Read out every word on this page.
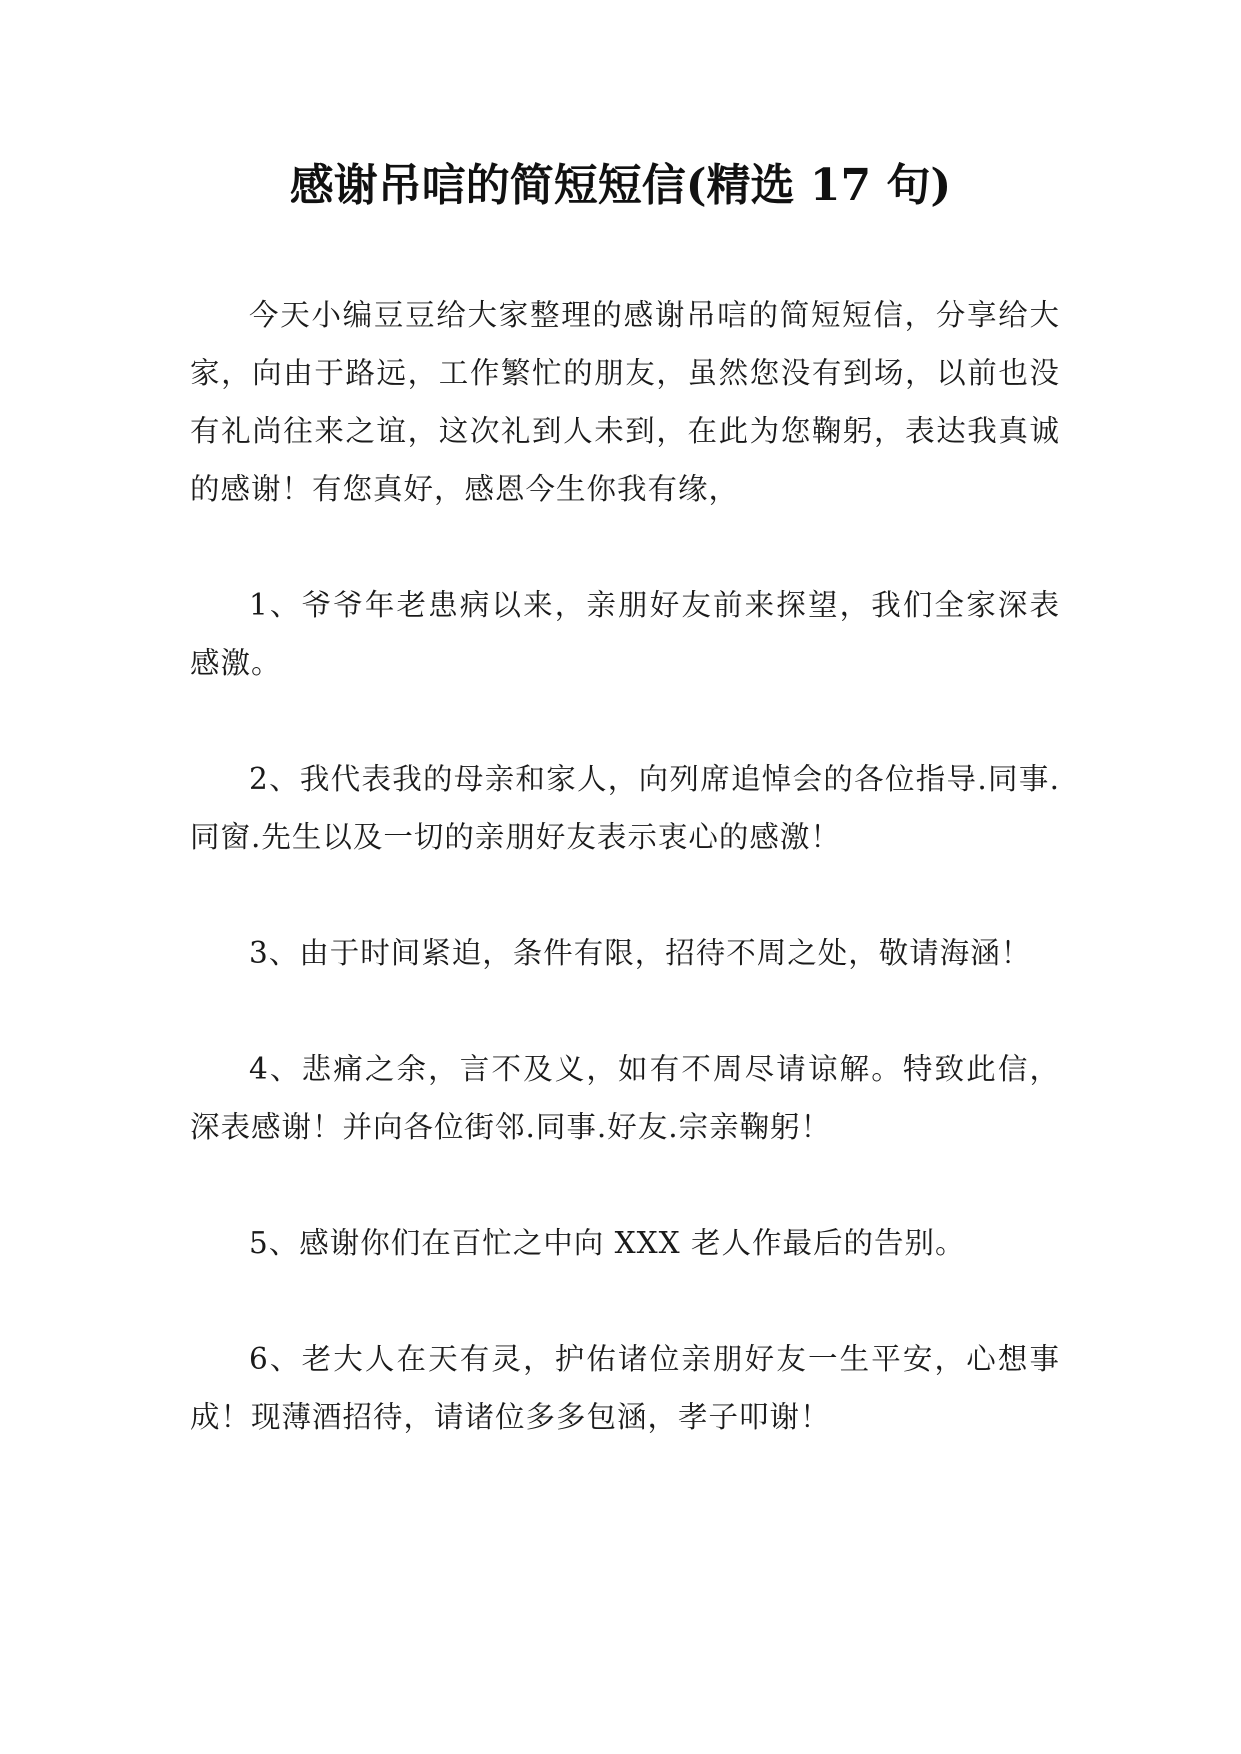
感谢吊唁的简短短信(精选 17 句)

今天小编豆豆给大家整理的感谢吊唁的简短短信，分享给大家，向由于路远，工作繁忙的朋友，虽然您没有到场，以前也没有礼尚往来之谊，这次礼到人未到，在此为您鞠躬，表达我真诚的感谢！有您真好，感恩今生你我有缘，

1、爷爷年老患病以来，亲朋好友前来探望，我们全家深表感激。

2、我代表我的母亲和家人，向列席追悼会的各位指导.同事.同窗.先生以及一切的亲朋好友表示衷心的感激！

3、由于时间紧迫，条件有限，招待不周之处，敬请海涵！

4、悲痛之余，言不及义，如有不周尽请谅解。特致此信，深表感谢！并向各位街邻.同事.好友.宗亲鞠躬！

5、感谢你们在百忙之中向 XXX 老人作最后的告别。

6、老大人在天有灵，护佑诸位亲朋好友一生平安，心想事成！现薄酒招待，请诸位多多包涵，孝子叩谢！
